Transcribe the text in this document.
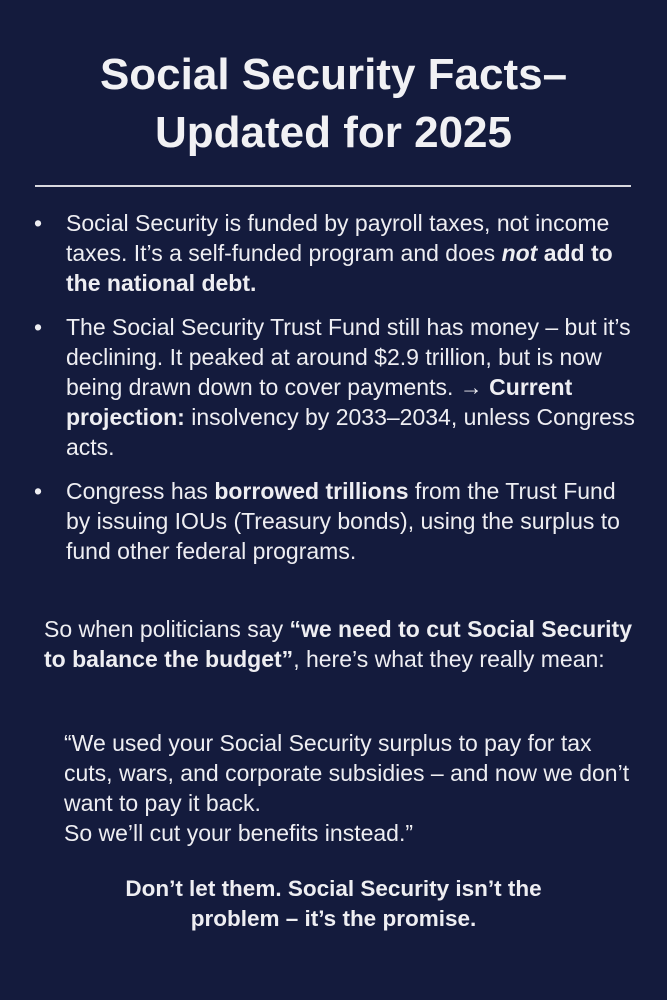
Social Security Facts–
Updated for 2025
• Social Security is funded by payroll taxes, not income taxes. It’s a self-funded program and does not add to the national debt.
• The Social Security Trust Fund still has money – but it’s declining. It peaked at around $2.9 trillion, but is now being drawn down to cover payments. → Current projection: insolvency by 2033–2034, unless Congress acts.
• Congress has borrowed trillions from the Trust Fund by issuing IOUs (Treasury bonds), using the surplus to fund other federal programs.

So when politicians say “we need to cut Social Security to balance the budget”, here’s what they really mean:

“We used your Social Security surplus to pay for tax cuts, wars, and corporate subsidies – and now we don’t want to pay it back.
So we’ll cut your benefits instead.”

Don’t let them. Social Security isn’t the
problem – it’s the promise.
